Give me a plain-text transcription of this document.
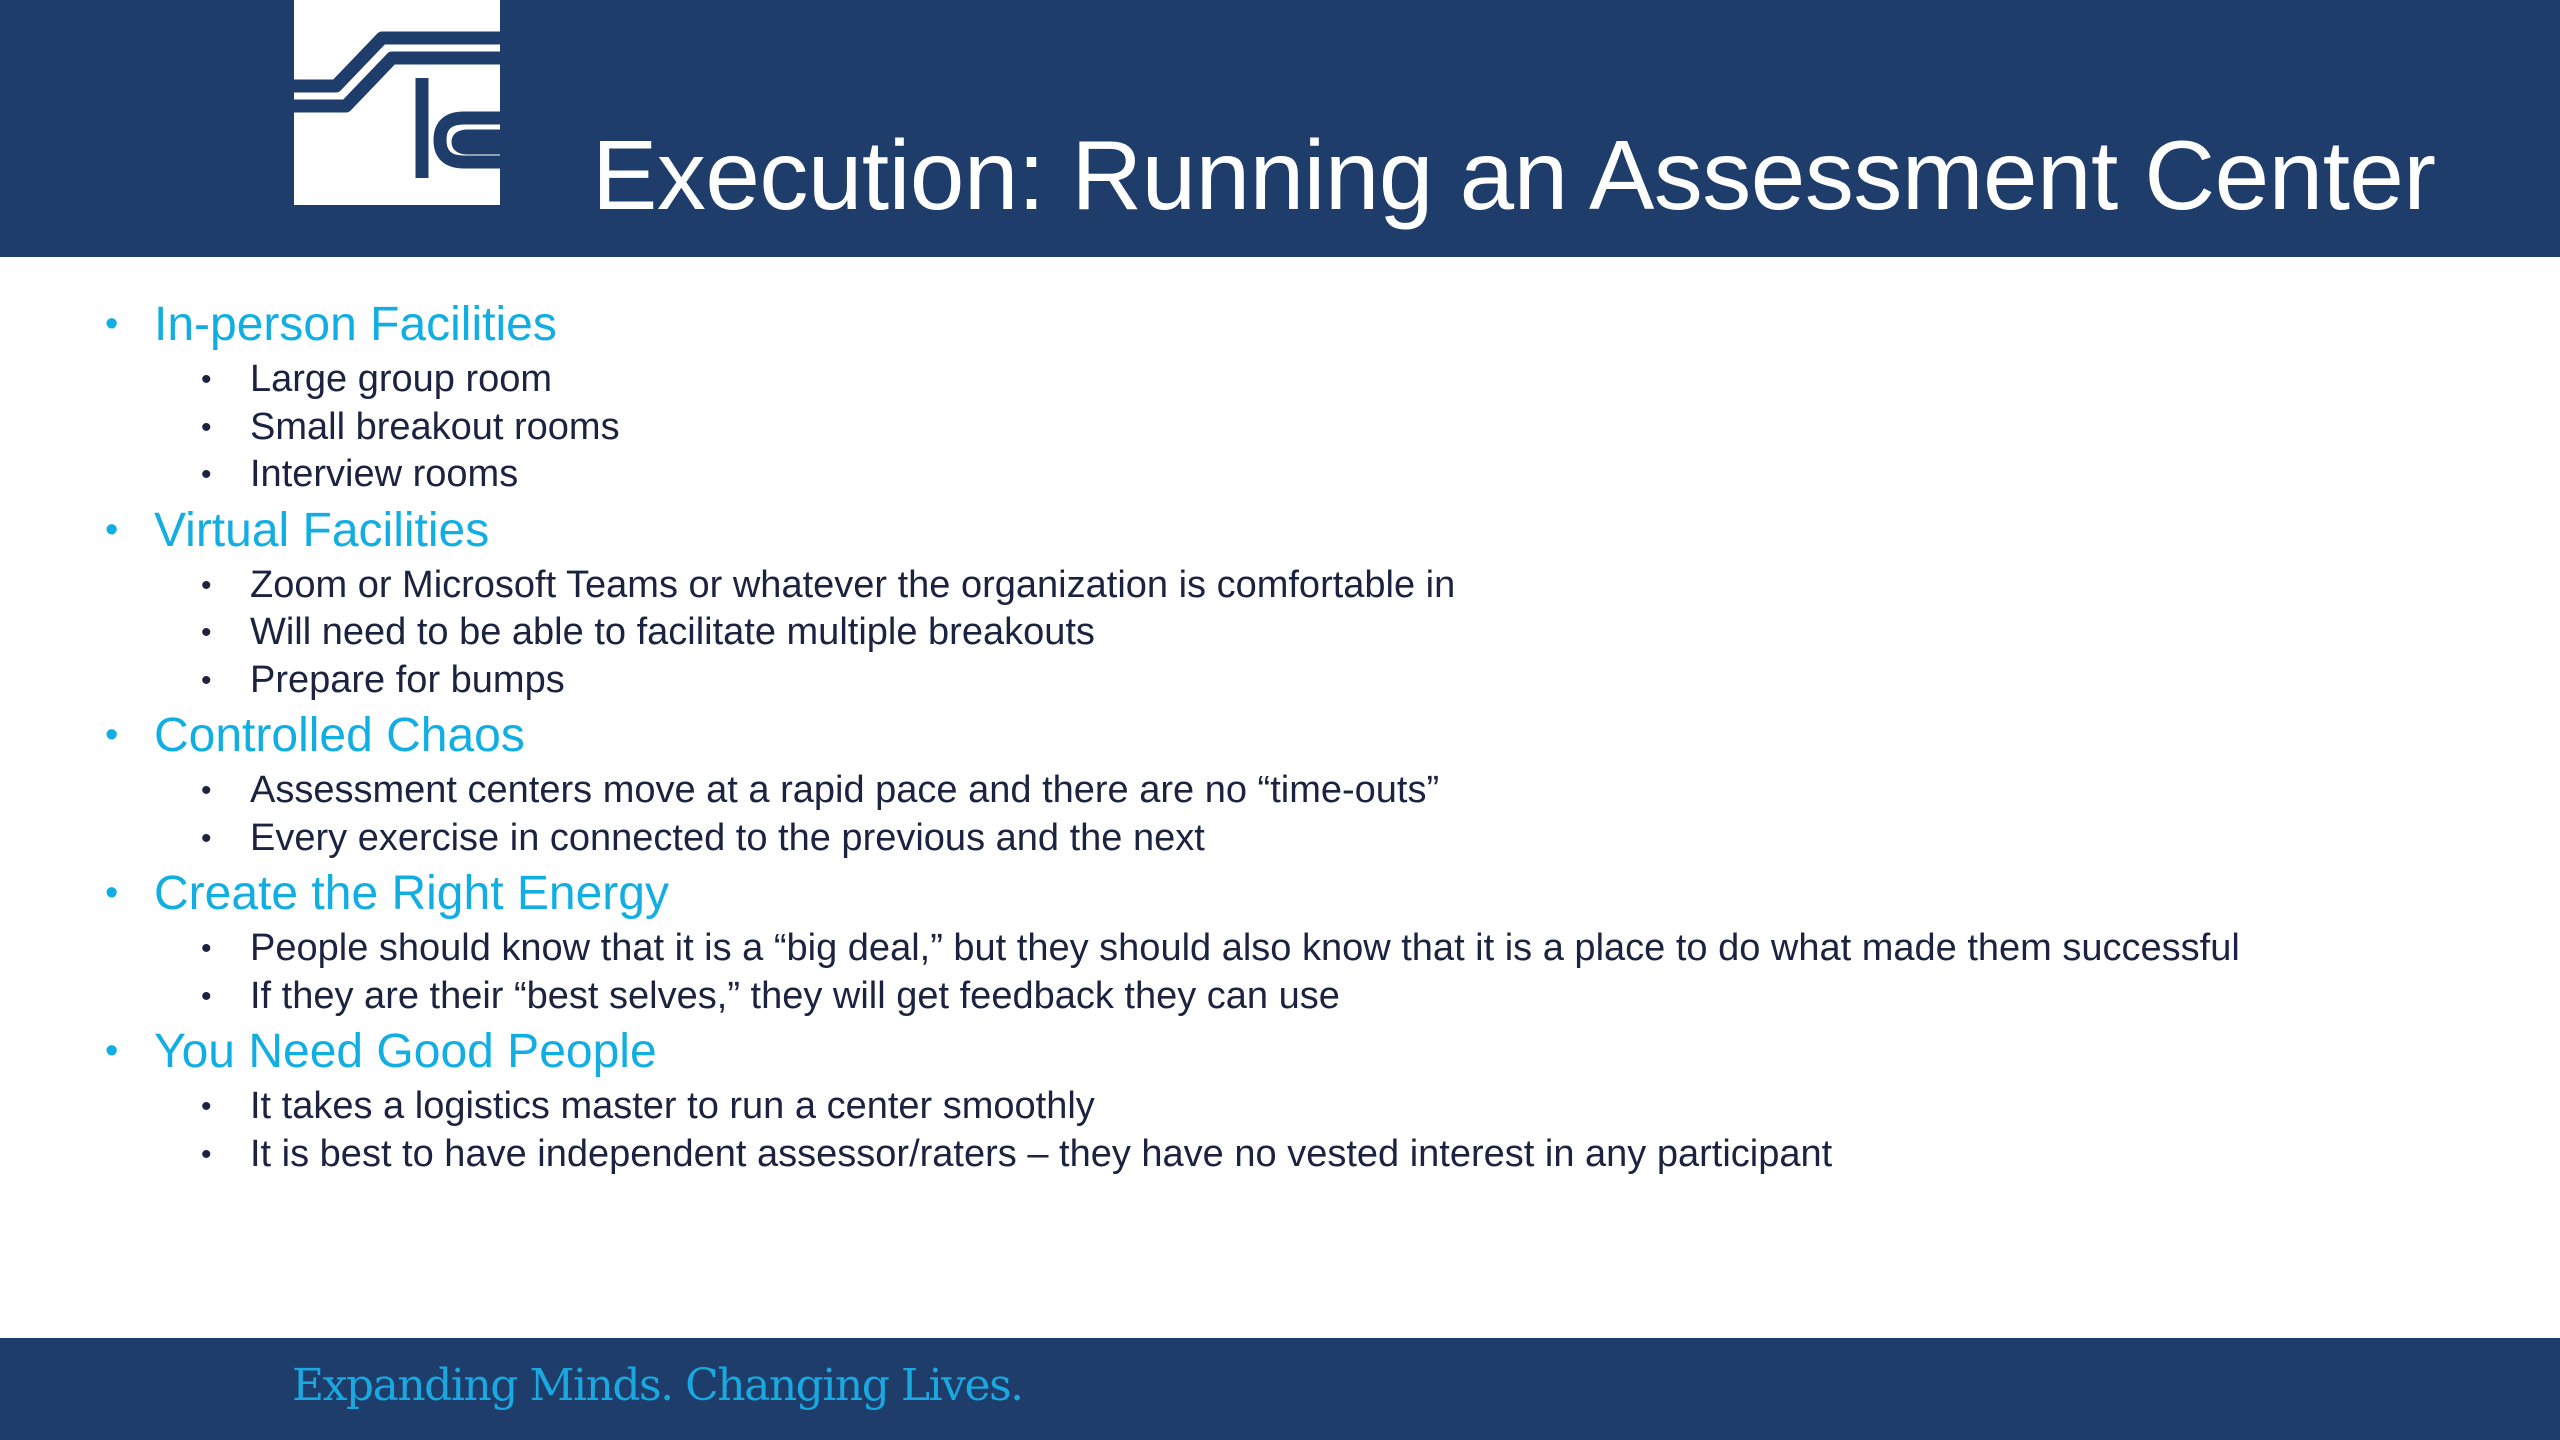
Execution: Running an Assessment Center
• In-person Facilities
• Large group room
• Small breakout rooms
• Interview rooms
• Virtual Facilities
• Zoom or Microsoft Teams or whatever the organization is comfortable in
• Will need to be able to facilitate multiple breakouts
• Prepare for bumps
• Controlled Chaos
• Assessment centers move at a rapid pace and there are no “time-outs”
• Every exercise in connected to the previous and the next
• Create the Right Energy
• People should know that it is a “big deal,” but they should also know that it is a place to do what made them successful
• If they are their “best selves,” they will get feedback they can use
• You Need Good People
• It takes a logistics master to run a center smoothly
• It is best to have independent assessor/raters – they have no vested interest in any participant
Expanding Minds. Changing Lives.
